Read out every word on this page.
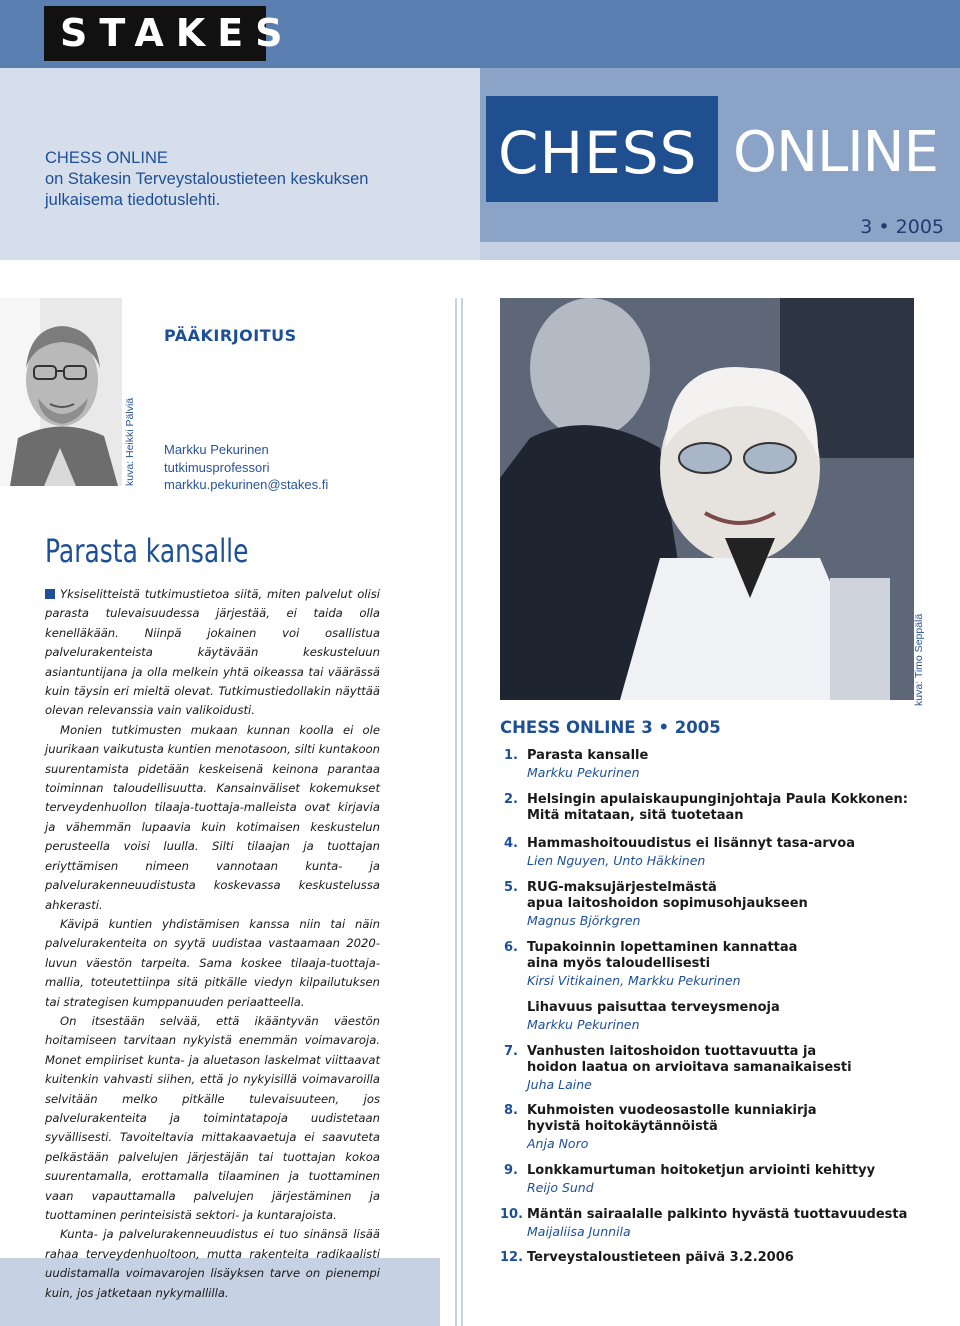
STAKES
CHESS ONLINE
on Stakesin Terveystaloustieteen keskuksen
julkaisema tiedotuslehti.
CHESS ONLINE
3 • 2005
kuva: Heikki Pälviä
PÄÄKIRJOITUS
Markku Pekurinen
tutkimusprofessori
markku.pekurinen@stakes.fi
Parasta kansalle

Yksiselitteistä tutkimustietoa siitä, miten palvelut olisi parasta tulevaisuudessa järjestää, ei taida olla kenelläkään. Niinpä jokainen voi osallistua palvelurakenteista käytävään keskusteluun asiantuntijana ja olla melkein yhtä oikeassa tai väärässä kuin täysin eri mieltä olevat. Tutkimustiedollakin näyttää olevan relevanssia vain valikoidusti.

Monien tutkimusten mukaan kunnan koolla ei ole juurikaan vaikutusta kuntien menotasoon, silti kuntakoon suurentamista pidetään keskeisenä keinona parantaa toiminnan taloudellisuutta. Kansainväliset kokemukset terveydenhuollon tilaaja-tuottaja-malleista ovat kirjavia ja vähemmän lupaavia kuin kotimaisen keskustelun perusteella voisi luulla. Silti tilaajan ja tuottajan eriyttämisen nimeen vannotaan kunta- ja palvelurakenneuudistusta koskevassa keskustelussa ahkerasti.

Kävipä kuntien yhdistämisen kanssa niin tai näin palvelurakenteita on syytä uudistaa vastaamaan 2020-luvun väestön tarpeita. Sama koskee tilaaja-tuottaja-mallia, toteutettiinpa sitä pitkälle viedyn kilpailutuksen tai strategisen kumppanuuden periaatteella.

On itsestään selvää, että ikääntyvän väestön hoitamiseen tarvitaan nykyistä enemmän voimavaroja. Monet empiiriset kunta- ja aluetason laskelmat viittaavat kuitenkin vahvasti siihen, että jo nykyisillä voimavaroilla selvitään melko pitkälle tulevaisuuteen, jos palvelurakenteita ja toimintatapoja uudistetaan syvällisesti. Tavoiteltavia mittakaavaetuja ei saavuteta pelkästään palvelujen järjestäjän tai tuottajan kokoa suurentamalla, erottamalla tilaaminen ja tuottaminen vaan vapauttamalla palvelujen järjestäminen ja tuottaminen perinteisistä sektori- ja kuntarajoista.

Kunta- ja palvelurakenneuudistus ei tuo sinänsä lisää rahaa terveydenhuoltoon, mutta rakenteita radikaalisti uudistamalla voimavarojen lisäyksen tarve on pienempi kuin, jos jatketaan nykymallilla.

kuva: Timo Seppälä
CHESS ONLINE 3 • 2005
1. Parasta kansalle
Markku Pekurinen
2. Helsingin apulaiskaupunginjohtaja Paula Kokkonen:
Mitä mitataan, sitä tuotetaan
4. Hammashoitouudistus ei lisännyt tasa-arvoa
Lien Nguyen, Unto Häkkinen
5. RUG-maksujärjestelmästä
apua laitoshoidon sopimusohjaukseen
Magnus Björkgren
6. Tupakoinnin lopettaminen kannattaa
aina myös taloudellisesti
Kirsi Vitikainen, Markku Pekurinen
Lihavuus paisuttaa terveysmenoja
Markku Pekurinen
7. Vanhusten laitoshoidon tuottavuutta ja
hoidon laatua on arvioitava samanaikaisesti
Juha Laine
8. Kuhmoisten vuodeosastolle kunniakirja
hyvistä hoitokäytännöistä
Anja Noro
9. Lonkkamurtuman hoitoketjun arviointi kehittyy
Reijo Sund
10. Mäntän sairaalalle palkinto hyvästä tuottavuudesta
Maijaliisa Junnila
12. Terveystaloustieteen päivä 3.2.2006
